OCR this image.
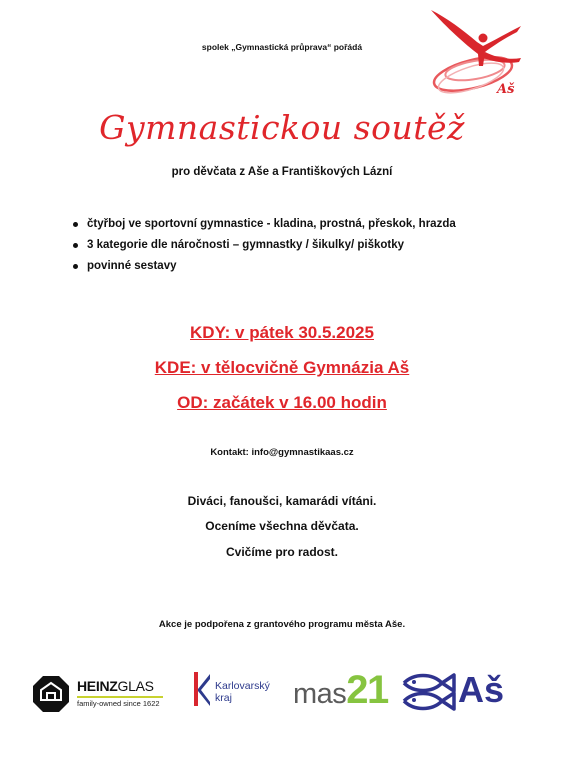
Aš
spolek „Gymnastická průprava“ pořádá
Gymnastickou soutěž
pro děvčata z Aše a Františkových Lázní
čtyřboj ve sportovní gymnastice - kladina, prostná, přeskok, hrazda
3 kategorie dle náročnosti – gymnastky / šikulky/ piškotky
povinné sestavy
KDY: v pátek 30.5.2025
KDE: v tělocvičně Gymnázia Aš
OD: začátek v 16.00 hodin
Kontakt: info@gymnastikaas.cz
Diváci, fanoušci, kamarádi vítáni.
Oceníme všechna děvčata.
Cvičíme pro radost.
Akce je podpořena z grantového programu města Aše.
HEINZGLAS
family-owned since 1622
Karlovarský
kraj	mas21 Aš
